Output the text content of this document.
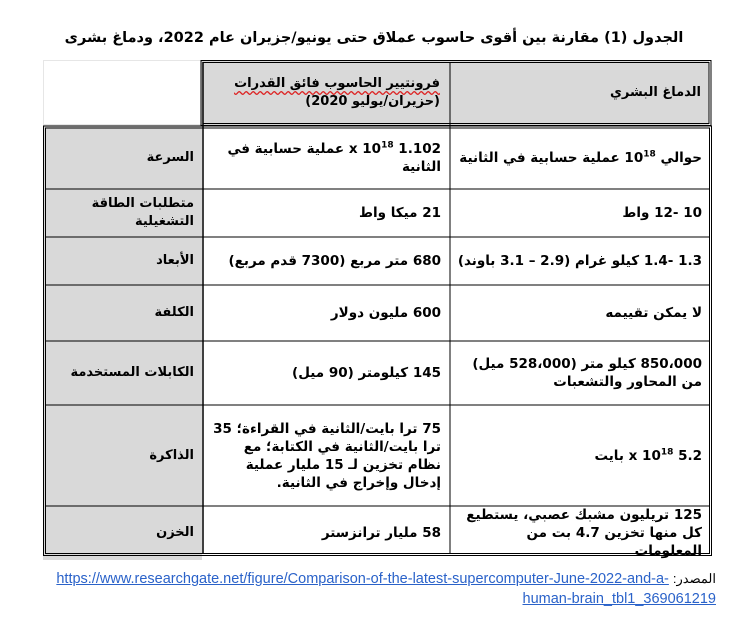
الجدول (1) مقارنة بين أقوى حاسوب عملاق حتى يونيو/جزيران عام 2022، ودماغ بشرى
الدماغ البشري	
فرونتيير الحاسوب فائق القدرات
(حزيران/يوليو 2020)
حوالي $10^{18}$ عملية حسابية في الثانية	1.102 x $10^{18}$ عملية حسابية في الثانية	السرعة
10 -12 واط	21 ميكا واط	متطلبات الطاقة التشغيلية
1.3 -1.4 كيلو غرام (2.9 – 3.1 باوند)	680 متر مربع (7300 قدم مربع)	الأبعاد
لا يمكن تقييمه	600 مليون دولار	الكلفة
850،000 كيلو متر (528،000 ميل) من المحاور والتشعبات	145 كيلومتر (90 ميل)	الكابلات المستخدمة
5.2 x $10^{18}$ بايت	75 ترا بايت/الثانية في القراءة؛ 35 ترا بايت/الثانية في الكتابة؛ مع نظام تخزين لـ 15 مليار عملية إدخال وإخراج في الثانية.	الذاكرة
125 تريليون مشبك عصبي، يستطيع كل منها تخزين 4.7 بت من المعلومات	58 مليار ترانزستر	الخزن
المصدر: https://www.researchgate.net/figure/Comparison-of-the-latest-supercomputer-June-2022-and-a-human-brain_tbl1_369061219
